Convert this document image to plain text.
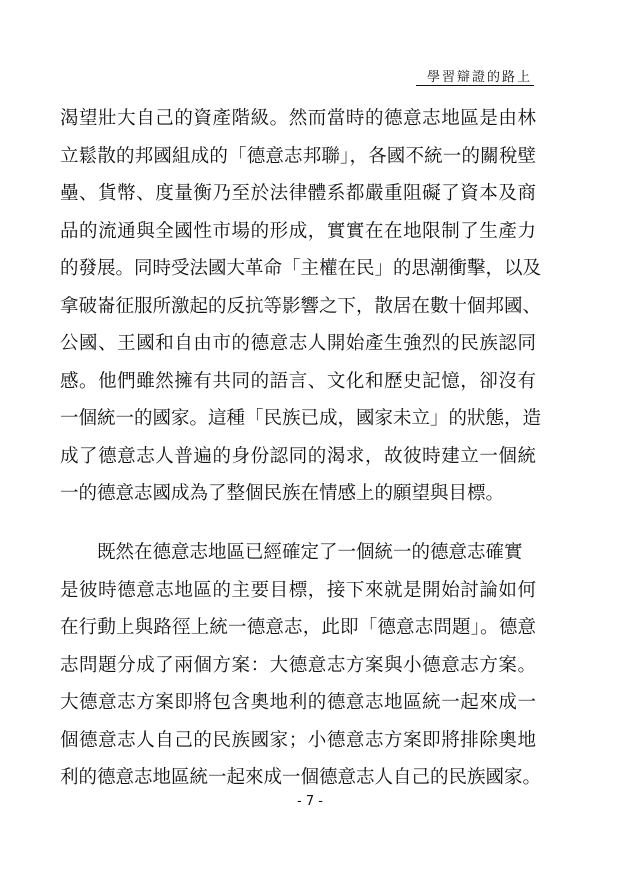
學習辯證的路上
渴望壯大自己的資產階級。然而當時的德意志地區是由林
立鬆散的邦國組成的「德意志邦聯」，各國不統一的關稅壁
壘、貨幣、度量衡乃至於法律體系都嚴重阻礙了資本及商
品的流通與全國性市場的形成，實實在在地限制了生產力
的發展。同時受法國大革命「主權在民」的思潮衝擊，以及
拿破崙征服所激起的反抗等影響之下，散居在數十個邦國、
公國、王國和自由市的德意志人開始產生強烈的民族認同
感。他們雖然擁有共同的語言、文化和歷史記憶，卻沒有
一個統一的國家。這種「民族已成，國家未立」的狀態，造
成了德意志人普遍的身份認同的渴求，故彼時建立一個統
一的德意志國成為了整個民族在情感上的願望與目標。
既然在德意志地區已經確定了一個統一的德意志確實
是彼時德意志地區的主要目標，接下來就是開始討論如何
在行動上與路徑上統一德意志，此即「德意志問題」。德意
志問題分成了兩個方案：大德意志方案與小德意志方案。
大德意志方案即將包含奧地利的德意志地區統一起來成一
個德意志人自己的民族國家；小德意志方案即將排除奧地
利的德意志地區統一起來成一個德意志人自己的民族國家。
- 7 -
